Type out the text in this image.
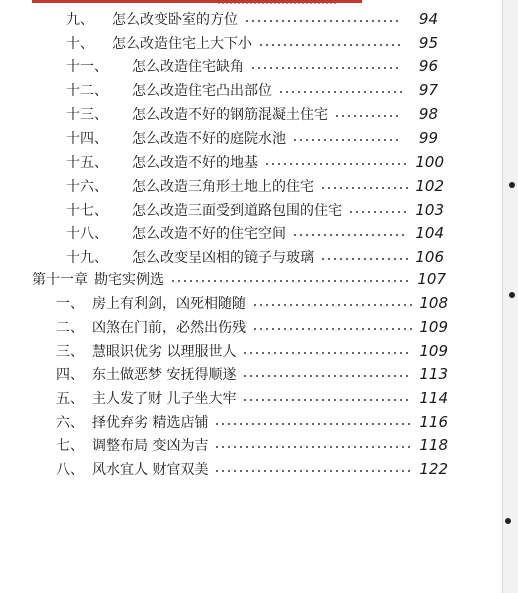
九、	怎么改变卧室的方位	94
十、	怎么改造住宅上大下小	95
十一、	怎么改造住宅缺角	96
十二、	怎么改造住宅凸出部位	97
十三、	怎么改造不好的钢筋混凝土住宅	98
十四、	怎么改造不好的庭院水池	99
十五、	怎么改造不好的地基	100
十六、	怎么改造三角形土地上的住宅	102
十七、	怎么改造三面受到道路包围的住宅	103
十八、	怎么改造不好的住宅空间	104
十九、	怎么改变呈凶相的镜子与玻璃	106
第十一章 勘宅实例选	107
一、 房上有利剑，凶死相随随	108
二、 凶煞在门前，必然出伤残	109
三、 慧眼识优劣 以理服世人	109
四、 东土做恶梦 安抚得顺遂	113
五、 主人发了财 儿子坐大牢	114
六、 择优弃劣 精选店铺	116
七、 调整布局 变凶为吉	118
八、 风水宜人 财官双美	122
